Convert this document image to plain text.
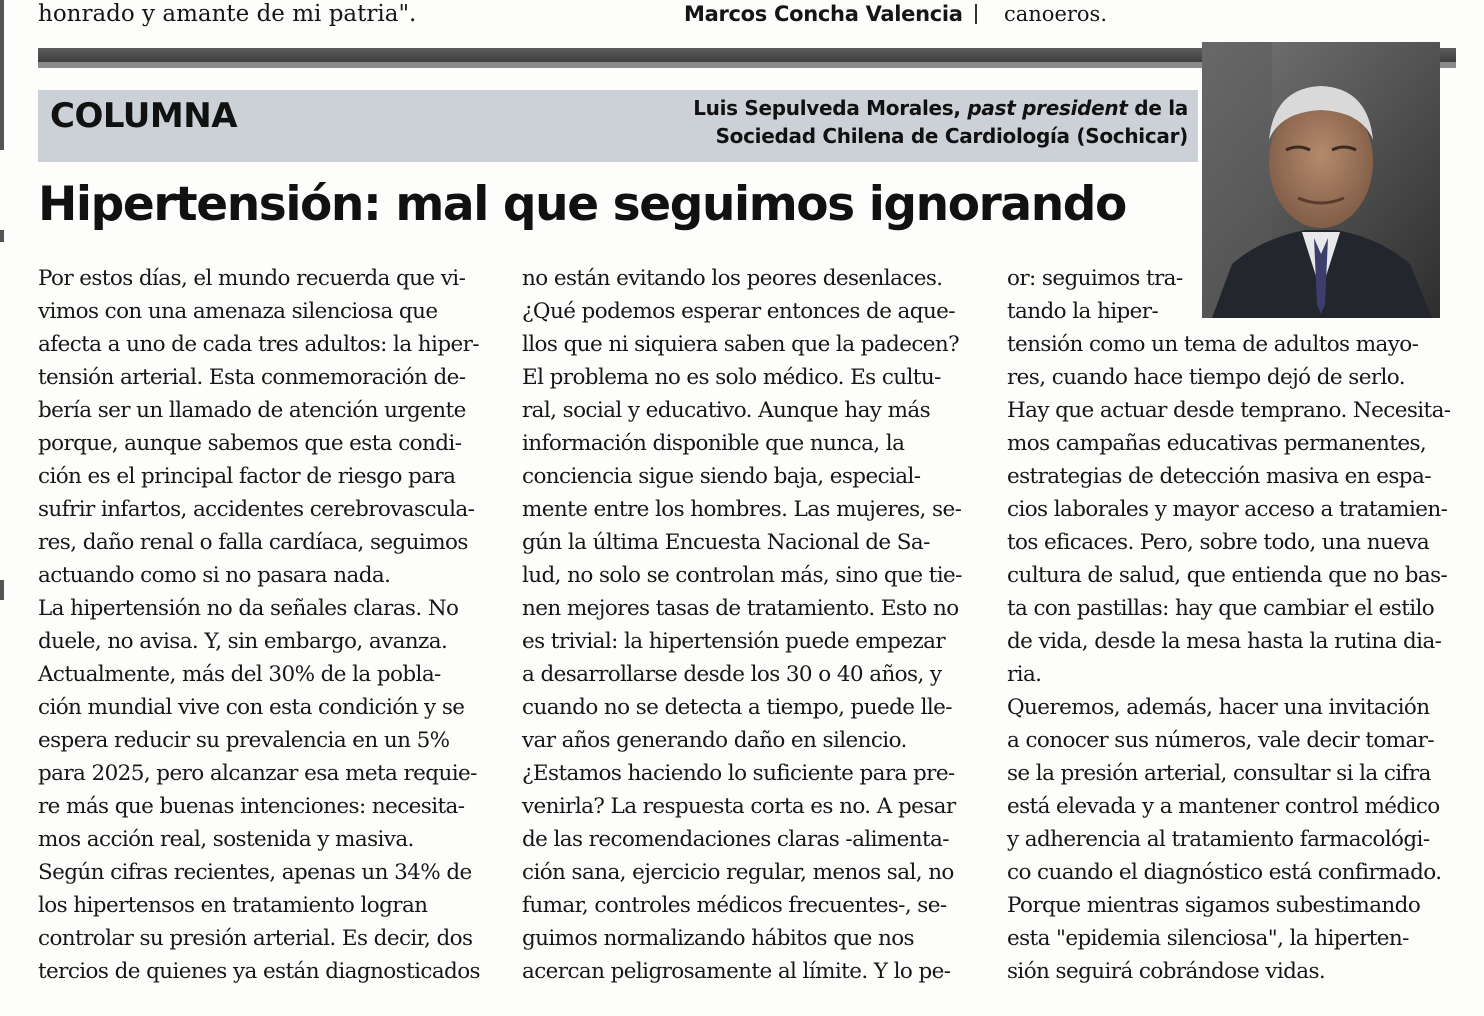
honrado y amante de mi patria".	Marcos Concha Valencia canoeros.
COLUMNA	Luis Sepulveda Morales, past president de la
Sociedad Chilena de Cardiología (Sochicar)
Hipertensión: mal que seguimos ignorando
Por estos días, el mundo recuerda que vi-
vimos con una amenaza silenciosa que
afecta a uno de cada tres adultos: la hiper-
tensión arterial. Esta conmemoración de-
bería ser un llamado de atención urgente
porque, aunque sabemos que esta condi-
ción es el principal factor de riesgo para
sufrir infartos, accidentes cerebrovascula-
res, daño renal o falla cardíaca, seguimos
actuando como si no pasara nada.
La hipertensión no da señales claras. No
duele, no avisa. Y, sin embargo, avanza.
Actualmente, más del 30% de la pobla-
ción mundial vive con esta condición y se
espera reducir su prevalencia en un 5%
para 2025, pero alcanzar esa meta requie-
re más que buenas intenciones: necesita-
mos acción real, sostenida y masiva.
Según cifras recientes, apenas un 34% de
los hipertensos en tratamiento logran
controlar su presión arterial. Es decir, dos
tercios de quienes ya están diagnosticados
no están evitando los peores desenlaces.
¿Qué podemos esperar entonces de aque-
llos que ni siquiera saben que la padecen?
El problema no es solo médico. Es cultu-
ral, social y educativo. Aunque hay más
información disponible que nunca, la
conciencia sigue siendo baja, especial-
mente entre los hombres. Las mujeres, se-
gún la última Encuesta Nacional de Sa-
lud, no solo se controlan más, sino que tie-
nen mejores tasas de tratamiento. Esto no
es trivial: la hipertensión puede empezar
a desarrollarse desde los 30 o 40 años, y
cuando no se detecta a tiempo, puede lle-
var años generando daño en silencio.
¿Estamos haciendo lo suficiente para pre-
venirla? La respuesta corta es no. A pesar
de las recomendaciones claras -alimenta-
ción sana, ejercicio regular, menos sal, no
fumar, controles médicos frecuentes-, se-
guimos normalizando hábitos que nos
acercan peligrosamente al límite. Y lo pe-
or: seguimos tra-
tando la hiper-
tensión como un tema de adultos mayo-
res, cuando hace tiempo dejó de serlo.
Hay que actuar desde temprano. Necesita-
mos campañas educativas permanentes,
estrategias de detección masiva en espa-
cios laborales y mayor acceso a tratamien-
tos eficaces. Pero, sobre todo, una nueva
cultura de salud, que entienda que no bas-
ta con pastillas: hay que cambiar el estilo
de vida, desde la mesa hasta la rutina dia-
ria.
Queremos, además, hacer una invitación
a conocer sus números, vale decir tomar-
se la presión arterial, consultar si la cifra
está elevada y a mantener control médico
y adherencia al tratamiento farmacológi-
co cuando el diagnóstico está confirmado.
Porque mientras sigamos subestimando
esta "epidemia silenciosa", la hiperten-
sión seguirá cobrándose vidas.
